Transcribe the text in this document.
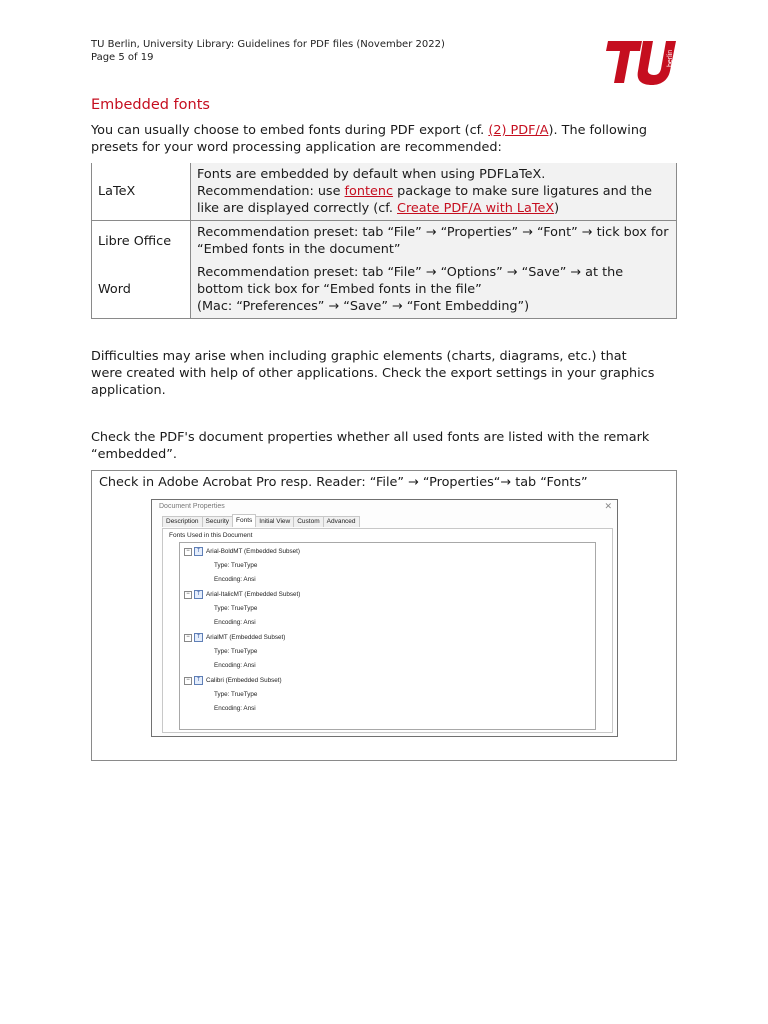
TU Berlin, University Library: Guidelines for PDF files (November 2022)
Page 5 of 19	berlin
Embedded fonts

You can usually choose to embed fonts during PDF export (cf. (2) PDF/A). The following presets for your word processing application are recommended:

LaTeX	Fonts are embedded by default when using PDFLaTeX.
Recommendation: use fontenc package to make sure ligatures and the like are displayed correctly (cf. Create PDF/A with LaTeX)
Libre Office	Recommendation preset: tab “File” → “Properties” → “Font” → tick box for “Embed fonts in the document”
Word	Recommendation preset: tab “File” → “Options” → “Save” → at the bottom tick box for “Embed fonts in the file”
(Mac: “Preferences” → “Save” → “Font Embedding”)

Difficulties may arise when including graphic elements (charts, diagrams, etc.) that were created with help of other applications. Check the export settings in your graphics application.

Check the PDF's document properties whether all used fonts are listed with the remark “embedded”.

Check in Adobe Acrobat Pro resp. Reader: “File” → “Properties“→ tab “Fonts”
Document Properties	✕
Description	Security	Fonts	Initial View	Custom	Advanced
Fonts Used in this Document
− T Arial-BoldMT (Embedded Subset)
Type: TrueType
Encoding: Ansi
− T Arial-ItalicMT (Embedded Subset)
Type: TrueType
Encoding: Ansi
− T ArialMT (Embedded Subset)
Type: TrueType
Encoding: Ansi
− T Calibri (Embedded Subset)
Type: TrueType
Encoding: Ansi
